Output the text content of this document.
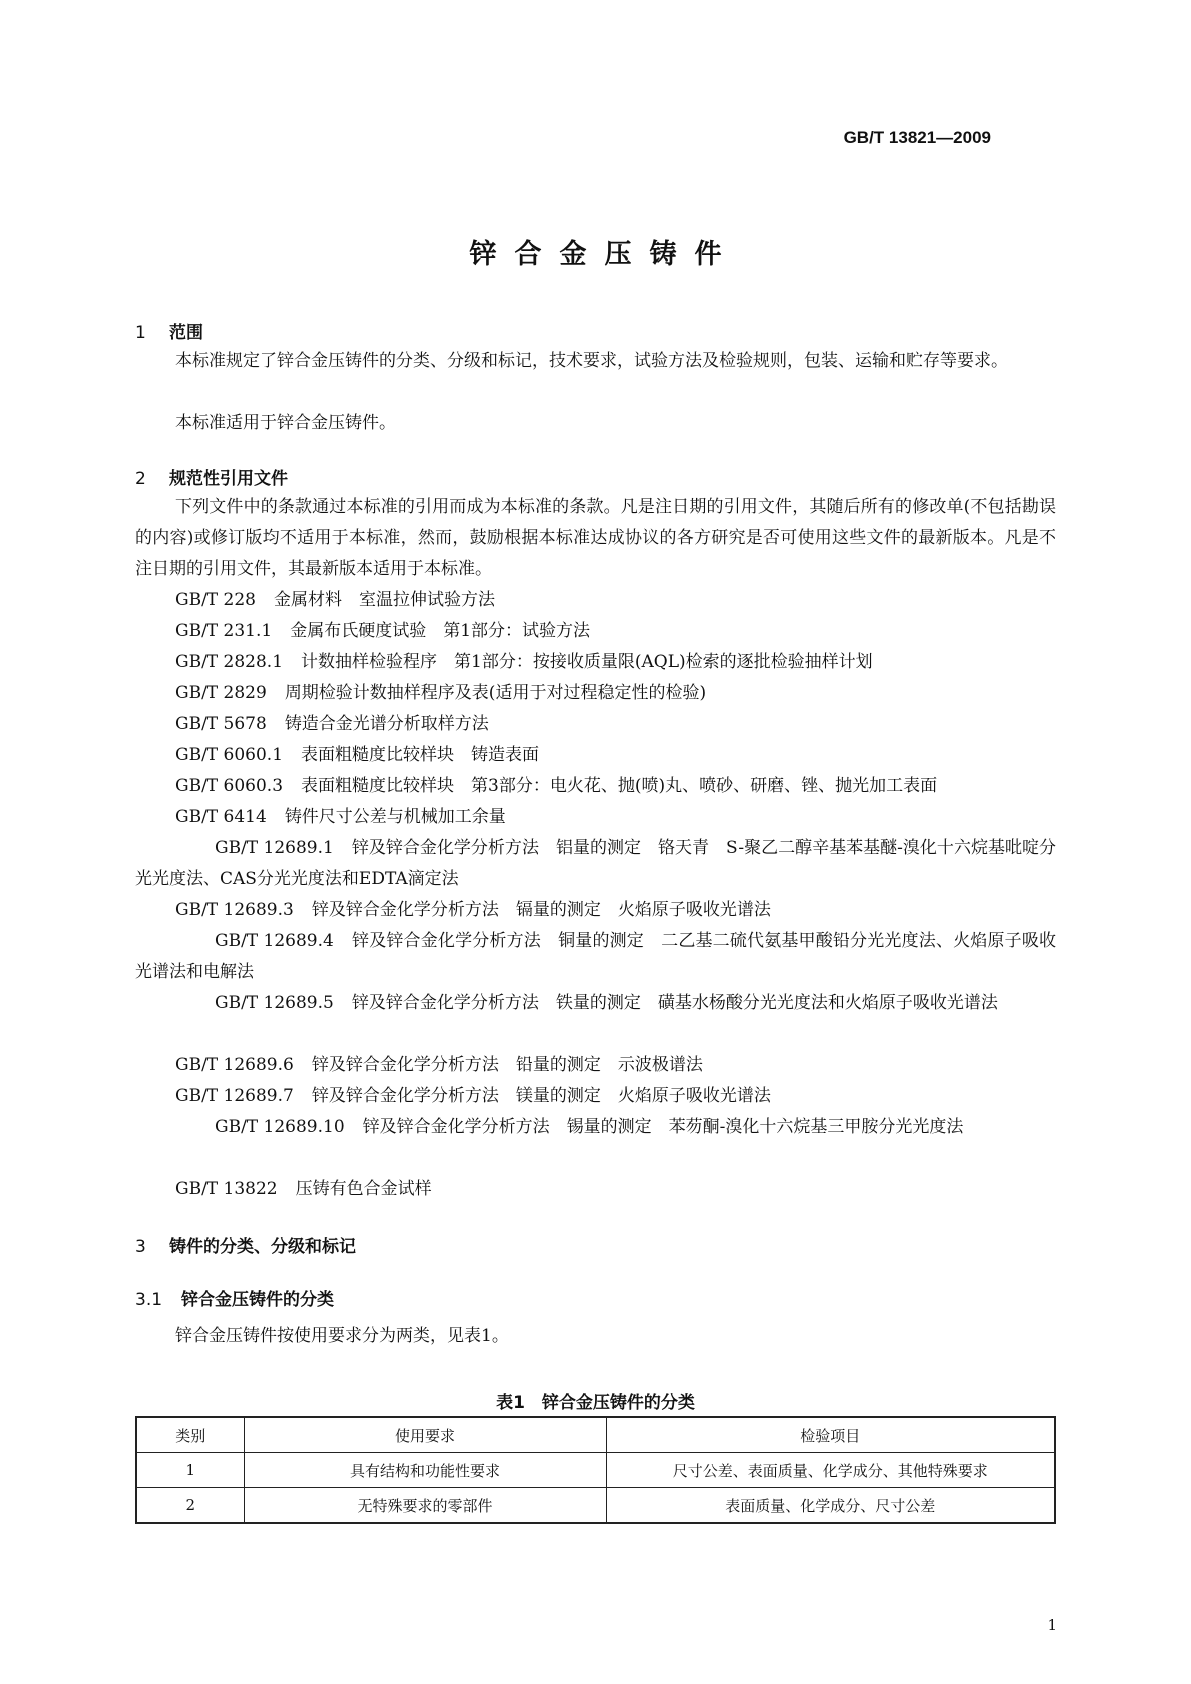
GB/T 13821—2009
锌合金压铸件
1 范围
本标准规定了锌合金压铸件的分类、分级和标记，技术要求，试验方法及检验规则，包装、运输和贮存等要求。
本标准适用于锌合金压铸件。
2 规范性引用文件
下列文件中的条款通过本标准的引用而成为本标准的条款。凡是注日期的引用文件，其随后所有的修改单(不包括勘误的内容)或修订版均不适用于本标准，然而，鼓励根据本标准达成协议的各方研究是否可使用这些文件的最新版本。凡是不注日期的引用文件，其最新版本适用于本标准。
GB/T 228 金属材料　室温拉伸试验方法
GB/T 231.1 金属布氏硬度试验　第1部分：试验方法
GB/T 2828.1 计数抽样检验程序　第1部分：按接收质量限(AQL)检索的逐批检验抽样计划
GB/T 2829 周期检验计数抽样程序及表(适用于对过程稳定性的检验)
GB/T 5678 铸造合金光谱分析取样方法
GB/T 6060.1 表面粗糙度比较样块　铸造表面
GB/T 6060.3 表面粗糙度比较样块　第3部分：电火花、抛(喷)丸、喷砂、研磨、锉、抛光加工表面
GB/T 6414 铸件尺寸公差与机械加工余量
GB/T 12689.1 锌及锌合金化学分析方法　铝量的测定　铬天青　S-聚乙二醇辛基苯基醚-溴化十六烷基吡啶分光光度法、CAS分光光度法和EDTA滴定法
GB/T 12689.3 锌及锌合金化学分析方法　镉量的测定　火焰原子吸收光谱法
GB/T 12689.4 锌及锌合金化学分析方法　铜量的测定　二乙基二硫代氨基甲酸铅分光光度法、火焰原子吸收光谱法和电解法
GB/T 12689.5 锌及锌合金化学分析方法　铁量的测定　磺基水杨酸分光光度法和火焰原子吸收光谱法
GB/T 12689.6 锌及锌合金化学分析方法　铅量的测定　示波极谱法
GB/T 12689.7 锌及锌合金化学分析方法　镁量的测定　火焰原子吸收光谱法
GB/T 12689.10 锌及锌合金化学分析方法　锡量的测定　苯芴酮-溴化十六烷基三甲胺分光光度法
GB/T 13822 压铸有色合金试样
3 铸件的分类、分级和标记
3.1 锌合金压铸件的分类
锌合金压铸件按使用要求分为两类，见表1。
表1　锌合金压铸件的分类
类别	使用要求	检验项目
1	具有结构和功能性要求	尺寸公差、表面质量、化学成分、其他特殊要求
2	无特殊要求的零部件	表面质量、化学成分、尺寸公差
1
